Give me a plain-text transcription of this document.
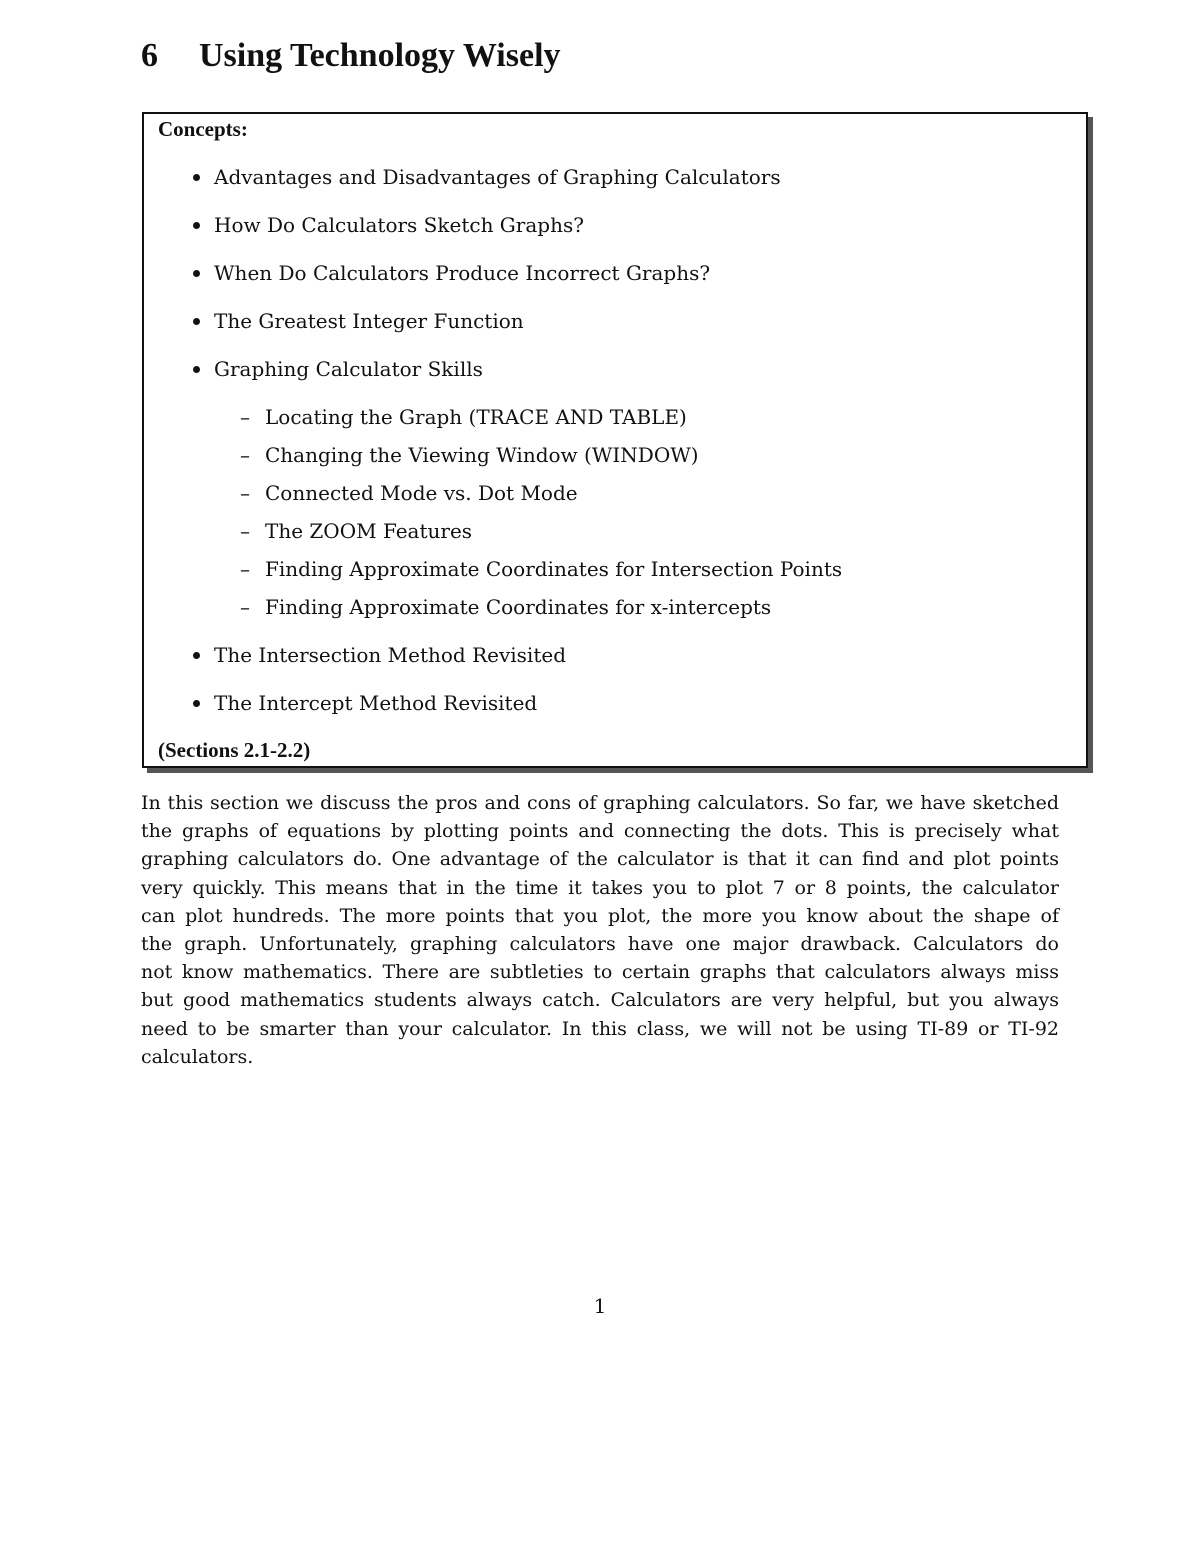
6 Using Technology Wisely
Concepts:
Advantages and Disadvantages of Graphing Calculators
How Do Calculators Sketch Graphs?
When Do Calculators Produce Incorrect Graphs?
The Greatest Integer Function
Graphing Calculator Skills
– Locating the Graph (TRACE AND TABLE)
– Changing the Viewing Window (WINDOW)
– Connected Mode vs. Dot Mode
– The ZOOM Features
– Finding Approximate Coordinates for Intersection Points
– Finding Approximate Coordinates for x-intercepts
The Intersection Method Revisited
The Intercept Method Revisited
(Sections 2.1-2.2)
In this section we discuss the pros and cons of graphing calculators. So far, we have sketched
the graphs of equations by plotting points and connecting the dots. This is precisely what
graphing calculators do. One advantage of the calculator is that it can find and plot points
very quickly. This means that in the time it takes you to plot 7 or 8 points, the calculator
can plot hundreds. The more points that you plot, the more you know about the shape of
the graph. Unfortunately, graphing calculators have one major drawback. Calculators do
not know mathematics. There are subtleties to certain graphs that calculators always miss
but good mathematics students always catch. Calculators are very helpful, but you always
need to be smarter than your calculator. In this class, we will not be using TI-89 or TI-92
calculators.
1
